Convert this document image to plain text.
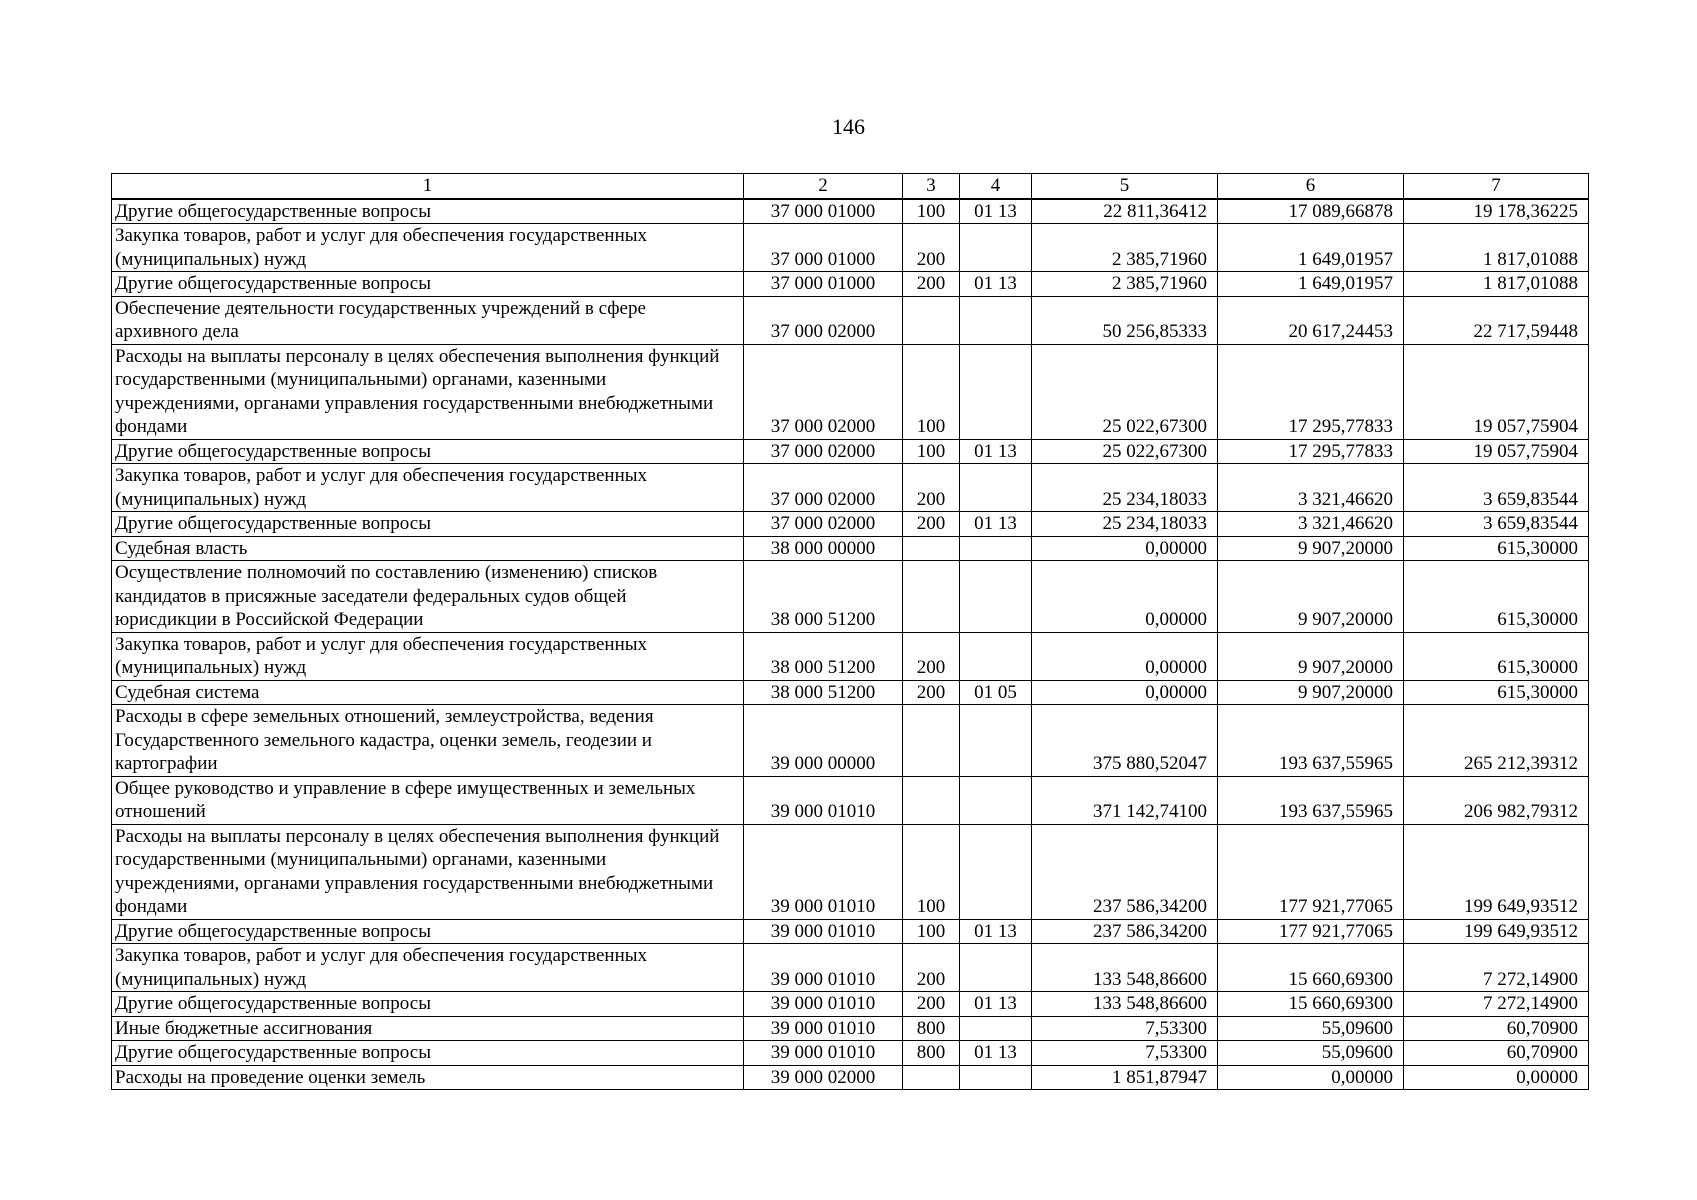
146
1	2	3	4	5	6	7
Другие общегосударственные вопросы	37 000 01000	100	01 13	22 811,36412	17 089,66878	19 178,36225
Закупка товаров, работ и услуг для обеспечения государственных (муниципальных) нужд	37 000 01000	200		2 385,71960	1 649,01957	1 817,01088
Другие общегосударственные вопросы	37 000 01000	200	01 13	2 385,71960	1 649,01957	1 817,01088
Обеспечение деятельности государственных учреждений в сфере архивного дела	37 000 02000			50 256,85333	20 617,24453	22 717,59448
Расходы на выплаты персоналу в целях обеспечения выполнения функций государственными (муниципальными) органами, казенными учреждениями, органами управления государственными внебюджетными фондами	37 000 02000	100		25 022,67300	17 295,77833	19 057,75904
Другие общегосударственные вопросы	37 000 02000	100	01 13	25 022,67300	17 295,77833	19 057,75904
Закупка товаров, работ и услуг для обеспечения государственных (муниципальных) нужд	37 000 02000	200		25 234,18033	3 321,46620	3 659,83544
Другие общегосударственные вопросы	37 000 02000	200	01 13	25 234,18033	3 321,46620	3 659,83544
Судебная власть	38 000 00000			0,00000	9 907,20000	615,30000
Осуществление полномочий по составлению (изменению) списков кандидатов в присяжные заседатели федеральных судов общей юрисдикции в Российской Федерации	38 000 51200			0,00000	9 907,20000	615,30000
Закупка товаров, работ и услуг для обеспечения государственных (муниципальных) нужд	38 000 51200	200		0,00000	9 907,20000	615,30000
Судебная система	38 000 51200	200	01 05	0,00000	9 907,20000	615,30000
Расходы в сфере земельных отношений, землеустройства, ведения Государственного земельного кадастра, оценки земель, геодезии и картографии	39 000 00000			375 880,52047	193 637,55965	265 212,39312
Общее руководство и управление в сфере имущественных и земельных отношений	39 000 01010			371 142,74100	193 637,55965	206 982,79312
Расходы на выплаты персоналу в целях обеспечения выполнения функций государственными (муниципальными) органами, казенными учреждениями, органами управления государственными внебюджетными фондами	39 000 01010	100		237 586,34200	177 921,77065	199 649,93512
Другие общегосударственные вопросы	39 000 01010	100	01 13	237 586,34200	177 921,77065	199 649,93512
Закупка товаров, работ и услуг для обеспечения государственных (муниципальных) нужд	39 000 01010	200		133 548,86600	15 660,69300	7 272,14900
Другие общегосударственные вопросы	39 000 01010	200	01 13	133 548,86600	15 660,69300	7 272,14900
Иные бюджетные ассигнования	39 000 01010	800		7,53300	55,09600	60,70900
Другие общегосударственные вопросы	39 000 01010	800	01 13	7,53300	55,09600	60,70900
Расходы на проведение оценки земель	39 000 02000			1 851,87947	0,00000	0,00000
